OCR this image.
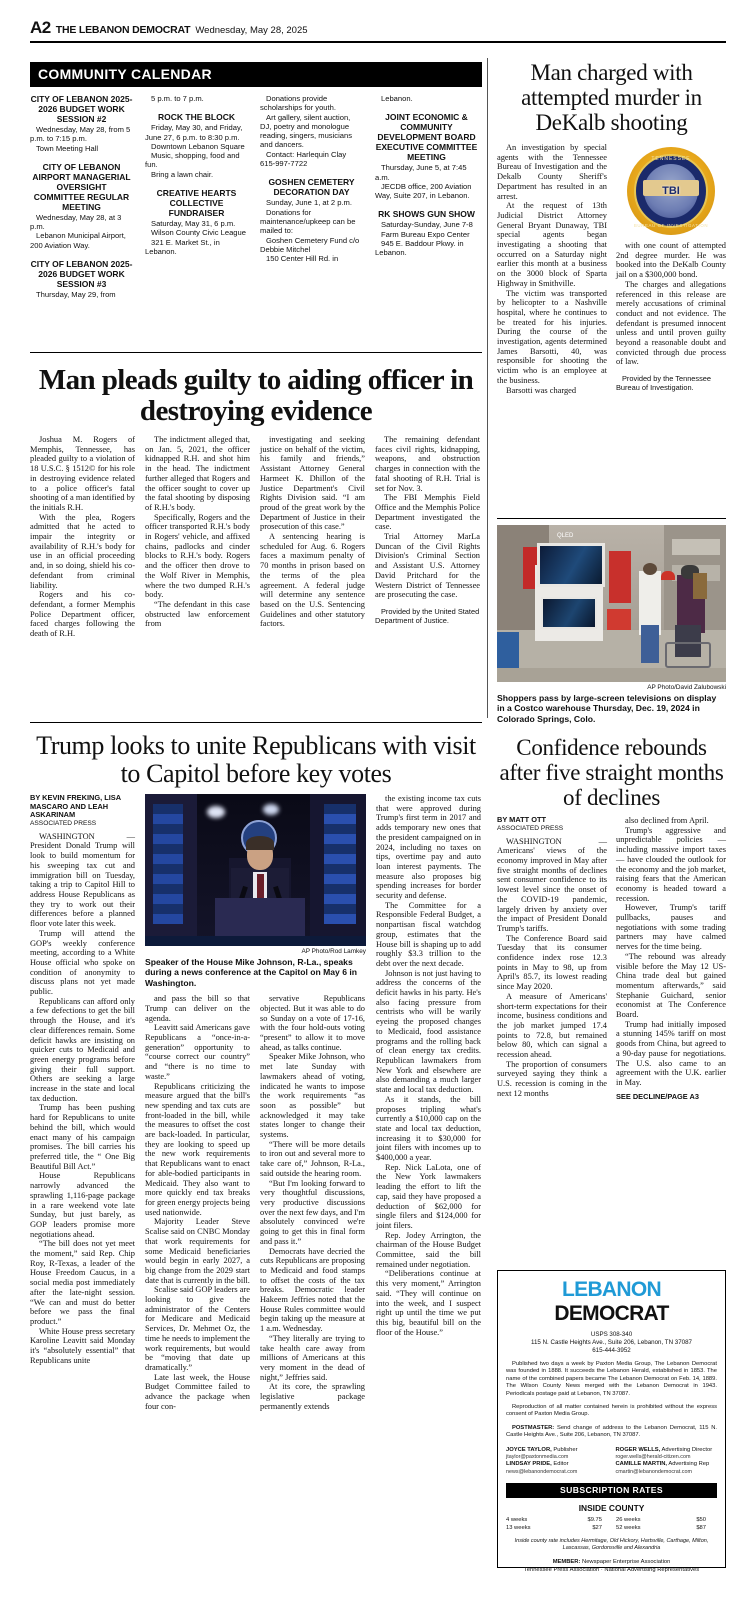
A2 THE LEBANON DEMOCRAT Wednesday, May 28, 2025
COMMUNITY CALENDAR
CITY OF LEBANON 2025-2026 BUDGET WORK SESSION #2
Wednesday, May 28, from 5 p.m. to 7:15 p.m.
Town Meeting Hall
CITY OF LEBANON AIRPORT MANAGERIAL OVERSIGHT COMMITTEE REGULAR MEETING
Wednesday, May 28, at 3 p.m.
Lebanon Municipal Airport, 200 Aviation Way.
CITY OF LEBANON 2025-2026 BUDGET WORK SESSION #3
Thursday, May 29, from
5 p.m. to 7 p.m.
ROCK THE BLOCK
Friday, May 30, and Friday, June 27, 6 p.m. to 8:30 p.m.
Downtown Lebanon Square
Music, shopping, food and fun.
Bring a lawn chair.
CREATIVE HEARTS COLLECTIVE FUNDRAISER
Saturday, May 31, 6 p.m.
Wilson County Civic League
321 E. Market St., in Lebanon.
Donations provide scholarships for youth.
Art gallery, silent auction, DJ, poetry and monologue reading, singers, musicians and dancers.
Contact: Harlequin Clay 615-997-7722
GOSHEN CEMETERY DECORATION DAY
Sunday, June 1, at 2 p.m.
Donations for maintenance/upkeep can be mailed to:
Goshen Cemetery Fund c/o Debbie Mitchel
150 Center Hill Rd. in
Lebanon.
JOINT ECONOMIC & COMMUNITY DEVELOPMENT BOARD EXECUTIVE COMMITTEE MEETING
Thursday, June 5, at 7:45 a.m.
JECDB office, 200 Aviation Way, Suite 207, in Lebanon.
RK SHOWS GUN SHOW
Saturday-Sunday, June 7-8
Farm Bureau Expo Center
945 E. Baddour Pkwy. in Lebanon.
Man charged with attempted murder in DeKalb shooting

An investigation by special agents with the Tennessee Bureau of Investigation and the Dekalb County Sheriff's Department has resulted in an arrest.

At the request of 13th Judicial District Attorney General Bryant Dunaway, TBI special agents began investigating a shooting that occurred on a Saturday night earlier this month at a business on the 3000 block of Sparta Highway in Smithville.

The victim was transported by helicopter to a Nashville hospital, where he continues to be treated for his injuries. During the course of the investigation, agents determined James Barsotti, 40, was responsible for shooting the victim who is an employee at the business.

Barsotti was charged

TENNESSEE
TBI
BUREAU OF INVESTIGATION

with one count of attempted 2nd degree murder. He was booked into the DeKalb County jail on a $300,000 bond.

The charges and allegations referenced in this release are merely accusations of criminal conduct and not evidence. The defendant is presumed innocent unless and until proven guilty beyond a reasonable doubt and convicted through due process of law.

Provided by the Tennessee Bureau of Investigation.
Man pleads guilty to aiding officer in destroying evidence

Joshua M. Rogers of Memphis, Tennessee, has pleaded guilty to a violation of 18 U.S.C. § 1512© for his role in destroying evidence related to a police officer's fatal shooting of a man identified by the initials R.H.

With the plea, Rogers admitted that he acted to impair the integrity or availability of R.H.'s body for use in an official proceeding and, in so doing, shield his co-defendant from criminal liability.

Rogers and his co-defendant, a former Memphis Police Department officer, faced charges following the death of R.H.

The indictment alleged that, on Jan. 5, 2021, the officer kidnapped R.H. and shot him in the head. The indictment further alleged that Rogers and the officer sought to cover up the fatal shooting by disposing of R.H.'s body.

Specifically, Rogers and the officer transported R.H.'s body in Rogers' vehicle, and affixed chains, padlocks and cinder blocks to R.H.'s body. Rogers and the officer then drove to the Wolf River in Memphis, where the two dumped R.H.'s body.

“The defendant in this case obstructed law enforcement from

investigating and seeking justice on behalf of the victim, his family and friends,” Assistant Attorney General Harmeet K. Dhillon of the Justice Department's Civil Rights Division said. “I am proud of the great work by the Department of Justice in their prosecution of this case.”

A sentencing hearing is scheduled for Aug. 6. Rogers faces a maximum penalty of 70 months in prison based on the terms of the plea agreement. A federal judge will determine any sentence based on the U.S. Sentencing Guidelines and other statutory factors.

The remaining defendant faces civil rights, kidnapping, weapons, and obstruction charges in connection with the fatal shooting of R.H. Trial is set for Nov. 3.

The FBI Memphis Field Office and the Memphis Police Department investigated the case.

Trial Attorney MarLa Duncan of the Civil Rights Division's Criminal Section and Assistant U.S. Attorney David Pritchard for the Western District of Tennessee are prosecuting the case.

Provided by the United Stated Department of Justice.
QLED
AP Photo/David Zalubowski
Shoppers pass by large-screen televisions on display in a Costco warehouse Thursday, Dec. 19, 2024 in Colorado Springs, Colo.
Trump looks to unite Republicans with visit to Capitol before key votes
BY KEVIN FREKING, LISA MASCARO AND LEAH ASKARINAM
ASSOCIATED PRESS

WASHINGTON — President Donald Trump will look to build momentum for his sweeping tax cut and immigration bill on Tuesday, taking a trip to Capitol Hill to address House Republicans as they try to work out their differences before a planned floor vote later this week.

Trump will attend the GOP's weekly conference meeting, according to a White House official who spoke on condition of anonymity to discuss plans not yet made public.

Republicans can afford only a few defections to get the bill through the House, and it's clear differences remain. Some deficit hawks are insisting on quicker cuts to Medicaid and green energy programs before giving their full support. Others are seeking a large increase in the state and local tax deduction.

Trump has been pushing hard for Republicans to unite behind the bill, which would enact many of his campaign promises. The bill carries his preferred title, the “ One Big Beautiful Bill Act.”

House Republicans narrowly advanced the sprawling 1,116-page package in a rare weekend vote late Sunday, but just barely, as GOP leaders promise more negotiations ahead.

“The bill does not yet meet the moment,” said Rep. Chip Roy, R-Texas, a leader of the House Freedom Caucus, in a social media post immediately after the late-night session. “We can and must do better before we pass the final product.”

White House press secretary Karoline Leavitt said Monday it's “absolutely essential” that Republicans unite

AP Photo/Rod Lamkey
Speaker of the House Mike Johnson, R-La., speaks during a news conference at the Capitol on May 6 in Washington.

and pass the bill so that Trump can deliver on the agenda.

Leavitt said Americans gave Republicans a “once-in-a-generation” opportunity to “course correct our country” and “there is no time to waste.”

Republicans criticizing the measure argued that the bill's new spending and tax cuts are front-loaded in the bill, while the measures to offset the cost are back-loaded. In particular, they are looking to speed up the new work requirements that Republicans want to enact for able-bodied participants in Medicaid. They also want to more quickly end tax breaks for green energy projects being used nationwide.

Majority Leader Steve Scalise said on CNBC Monday that work requirements for some Medicaid beneficiaries would begin in early 2027, a big change from the 2029 start date that is currently in the bill.

Scalise said GOP leaders are looking to give the administrator of the Centers for Medicare and Medicaid Services, Dr. Mehmet Oz, the time he needs to implement the work requirements, but would be “moving that date up dramatically.”

Late last week, the House Budget Committee failed to advance the package when four con-

servative Republicans objected. But it was able to do so Sunday on a vote of 17-16, with the four hold-outs voting “present” to allow it to move ahead, as talks continue.

Speaker Mike Johnson, who met late Sunday with lawmakers ahead of voting, indicated he wants to impose the work requirements “as soon as possible” but acknowledged it may take states longer to change their systems.

“There will be more details to iron out and several more to take care of,” Johnson, R-La., said outside the hearing room.

“But I'm looking forward to very thoughtful discussions, very productive discussions over the next few days, and I'm absolutely convinced we're going to get this in final form and pass it.”

Democrats have decried the cuts Republicans are proposing to Medicaid and food stamps to offset the costs of the tax breaks. Democratic leader Hakeem Jeffries noted that the House Rules committee would begin taking up the measure at 1 a.m. Wednesday.

“They literally are trying to take health care away from millions of Americans at this very moment in the dead of night,” Jeffries said.

At its core, the sprawling legislative package permanently extends

the existing income tax cuts that were approved during Trump's first term in 2017 and adds temporary new ones that the president campaigned on in 2024, including no taxes on tips, overtime pay and auto loan interest payments. The measure also proposes big spending increases for border security and defense.

The Committee for a Responsible Federal Budget, a nonpartisan fiscal watchdog group, estimates that the House bill is shaping up to add roughly $3.3 trillion to the debt over the next decade.

Johnson is not just having to address the concerns of the deficit hawks in his party. He's also facing pressure from centrists who will be warily eyeing the proposed changes to Medicaid, food assistance programs and the rolling back of clean energy tax credits. Republican lawmakers from New York and elsewhere are also demanding a much larger state and local tax deduction.

As it stands, the bill proposes tripling what's currently a $10,000 cap on the state and local tax deduction, increasing it to $30,000 for joint filers with incomes up to $400,000 a year.

Rep. Nick LaLota, one of the New York lawmakers leading the effort to lift the cap, said they have proposed a deduction of $62,000 for single filers and $124,000 for joint filers.

Rep. Jodey Arrington, the chairman of the House Budget Committee, said the bill remained under negotiation.

“Deliberations continue at this very moment,” Arrington said. “They will continue on into the week, and I suspect right up until the time we put this big, beautiful bill on the floor of the House.”

Confidence rebounds after five straight months of declines
BY MATT OTT
ASSOCIATED PRESS

WASHINGTON — Americans' views of the economy improved in May after five straight months of declines sent consumer confidence to its lowest level since the onset of the COVID-19 pandemic, largely driven by anxiety over the impact of President Donald Trump's tariffs.

The Conference Board said Tuesday that its consumer confidence index rose 12.3 points in May to 98, up from April's 85.7, its lowest reading since May 2020.

A measure of Americans' short-term expectations for their income, business conditions and the job market jumped 17.4 points to 72.8, but remained below 80, which can signal a recession ahead.

The proportion of consumers surveyed saying they think a U.S. recession is coming in the next 12 months

also declined from April.

Trump's aggressive and unpredictable policies — including massive import taxes — have clouded the outlook for the economy and the job market, raising fears that the American economy is headed toward a recession.

However, Trump's tariff pullbacks, pauses and negotiations with some trading partners may have calmed nerves for the time being.

“The rebound was already visible before the May 12 US-China trade deal but gained momentum afterwards,” said Stephanie Guichard, senior economist at The Conference Board.

Trump had initially imposed a stunning 145% tariff on most goods from China, but agreed to a 90-day pause for negotiations. The U.S. also came to an agreement with the U.K. earlier in May.

SEE DECLINE/PAGE A3
LEBANON DEMOCRAT
USPS 308-340
115 N. Castle Heights Ave., Suite 206, Lebanon, TN 37087
615-444-3952
Published two days a week by Paxton Media Group, The Lebanon Democrat was founded in 1888. It succeeds the Lebanon Herald, established in 1853. The name of the combined papers became The Lebanon Democrat on Feb. 14, 1889. The Wilson County News merged with the Lebanon Democrat in 1943. Periodicals postage paid at Lebanon, TN 37087.
Reproduction of all matter contained herein is prohibited without the express consent of Paxton Media Group.
POSTMASTER: Send change of address to the Lebanon Democrat, 115 N. Castle Heights Ave., Suite 206, Lebanon, TN 37087.
JOYCE TAYLOR, Publisher
jtaylor@paxtonmedia.com
LINDSAY PRIDE, Editor
news@lebanondemocrat.com
ROGER WELLS, Advertising Director
roger.wells@herald-citizen.com
CAMILLE MARTIN, Advertising Rep
cmartin@lebanondemocrat.com
SUBSCRIPTION RATES
INSIDE COUNTY
4 weeks	$9.75	26 weeks	$50
13 weeks	$27	52 weeks	$87
Inside county rate includes Hermitage, Old Hickory, Hartsville, Carthage, Milton, Lascassas, Gordonsville and Alexandria
MEMBER: Newspaper Enterprise Association
Tennessee Press Association · National Advertising Representatives
